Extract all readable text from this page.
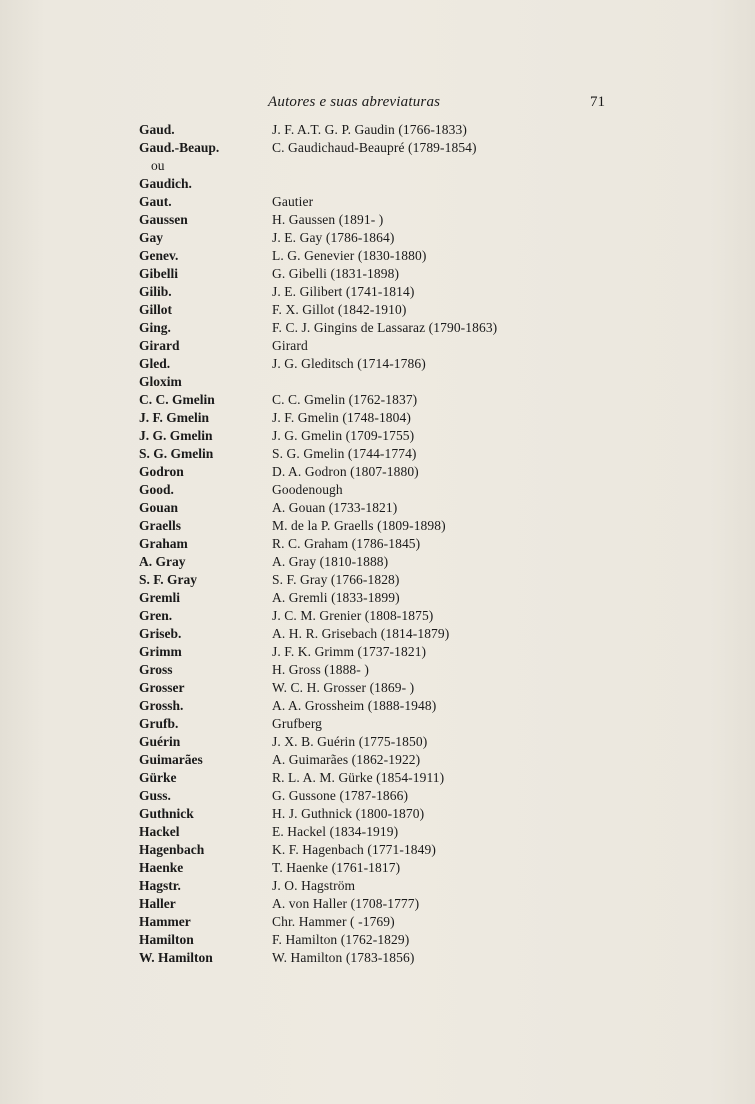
Autores e suas abreviaturas	71
Gaud.	J. F. A.T. G. P. Gaudin (1766-1833)
Gaud.-Beaup.	C. Gaudichaud-Beaupré (1789-1854)
ou
Gaudich.
Gaut.	Gautier
Gaussen	H. Gaussen (1891- )
Gay	J. E. Gay (1786-1864)
Genev.	L. G. Genevier (1830-1880)
Gibelli	G. Gibelli (1831-1898)
Gilib.	J. E. Gilibert (1741-1814)
Gillot	F. X. Gillot (1842-1910)
Ging.	F. C. J. Gingins de Lassaraz (1790-1863)
Girard	Girard
Gled.	J. G. Gleditsch (1714-1786)
Gloxim
C. C. Gmelin	C. C. Gmelin (1762-1837)
J. F. Gmelin	J. F. Gmelin (1748-1804)
J. G. Gmelin	J. G. Gmelin (1709-1755)
S. G. Gmelin	S. G. Gmelin (1744-1774)
Godron	D. A. Godron (1807-1880)
Good.	Goodenough
Gouan	A. Gouan (1733-1821)
Graells	M. de la P. Graells (1809-1898)
Graham	R. C. Graham (1786-1845)
A. Gray	A. Gray (1810-1888)
S. F. Gray	S. F. Gray (1766-1828)
Gremli	A. Gremli (1833-1899)
Gren.	J. C. M. Grenier (1808-1875)
Griseb.	A. H. R. Grisebach (1814-1879)
Grimm	J. F. K. Grimm (1737-1821)
Gross	H. Gross (1888- )
Grosser	W. C. H. Grosser (1869- )
Grossh.	A. A. Grossheim (1888-1948)
Grufb.	Grufberg
Guérin	J. X. B. Guérin (1775-1850)
Guimarães	A. Guimarães (1862-1922)
Gürke	R. L. A. M. Gürke (1854-1911)
Guss.	G. Gussone (1787-1866)
Guthnick	H. J. Guthnick (1800-1870)
Hackel	E. Hackel (1834-1919)
Hagenbach	K. F. Hagenbach (1771-1849)
Haenke	T. Haenke (1761-1817)
Hagstr.	J. O. Hagström
Haller	A. von Haller (1708-1777)
Hammer	Chr. Hammer ( -1769)
Hamilton	F. Hamilton (1762-1829)
W. Hamilton	W. Hamilton (1783-1856)
